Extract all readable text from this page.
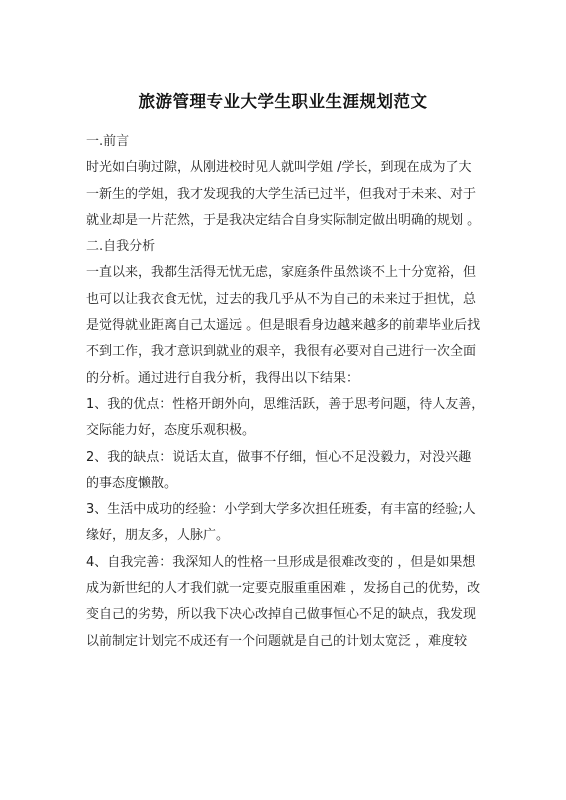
旅游管理专业大学生职业生涯规划范文
一.前言
时光如白驹过隙，从刚进校时见人就叫学姐 /学长，到现在成为了大
一新生的学姐，我才发现我的大学生活已过半，但我对于未来、对于
就业却是一片茫然，于是我决定结合自身实际制定做出明确的规划 。
二.自我分析
一直以来，我都生活得无忧无虑，家庭条件虽然谈不上十分宽裕，但
也可以让我衣食无忧，过去的我几乎从不为自己的未来过于担忧，总
是觉得就业距离自己太遥远 。但是眼看身边越来越多的前辈毕业后找
不到工作，我才意识到就业的艰辛，我很有必要对自己进行一次全面
的分析。通过进行自我分析，我得出以下结果：
1、我的优点：性格开朗外向，思维活跃，善于思考问题，待人友善，
交际能力好，态度乐观积极。
2、我的缺点：说话太直，做事不仔细，恒心不足没毅力，对没兴趣
的事态度懒散。
3、生活中成功的经验：小学到大学多次担任班委，有丰富的经验;人
缘好，朋友多，人脉广。
4、自我完善：我深知人的性格一旦形成是很难改变的 ，但是如果想
成为新世纪的人才我们就一定要克服重重困难 ，发扬自己的优势，改
变自己的劣势，所以我下决心改掉自己做事恒心不足的缺点，我发现
以前制定计划完不成还有一个问题就是自己的计划太宽泛 ，难度较
